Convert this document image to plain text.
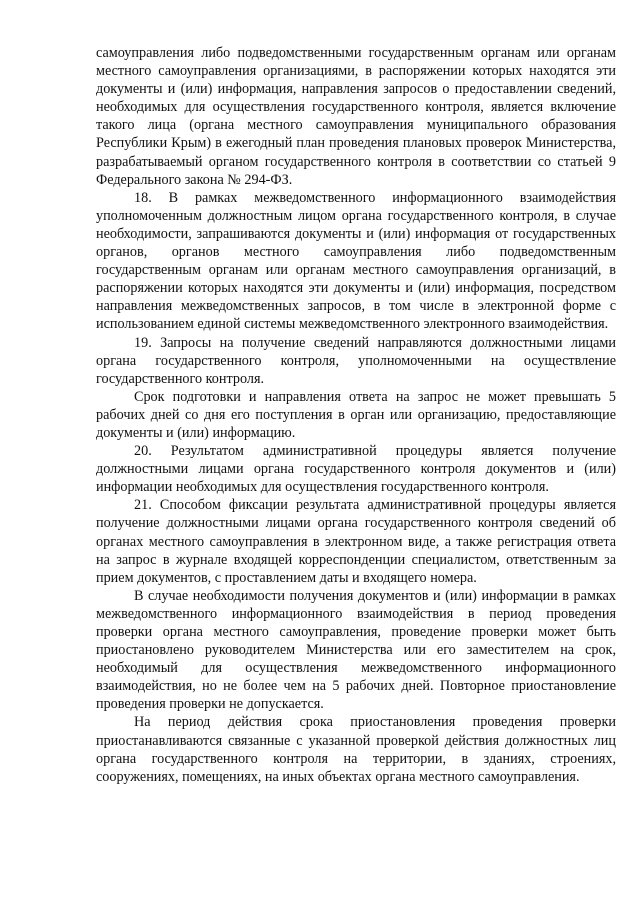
самоуправления либо подведомственными государственным органам или органам местного самоуправления организациями, в распоряжении которых находятся эти документы и (или) информация, направления запросов о предоставлении сведений, необходимых для осуществления государственного контроля, является включение такого лица (органа местного самоуправления муниципального образования Республики Крым) в ежегодный план проведения плановых проверок Министерства, разрабатываемый органом государственного контроля в соответствии со статьей 9 Федерального закона № 294-ФЗ.

18. В рамках межведомственного информационного взаимодействия уполномоченным должностным лицом органа государственного контроля, в случае необходимости, запрашиваются документы и (или) информация от государственных органов, органов местного самоуправления либо подведомственным государственным органам или органам местного самоуправления организаций, в распоряжении которых находятся эти документы и (или) информация, посредством направления межведомственных запросов, в том числе в электронной форме с использованием единой системы межведомственного электронного взаимодействия.

19. Запросы на получение сведений направляются должностными лицами органа государственного контроля, уполномоченными на осуществление государственного контроля.

Срок подготовки и направления ответа на запрос не может превышать 5 рабочих дней со дня его поступления в орган или организацию, предоставляющие документы и (или) информацию.

20. Результатом административной процедуры является получение должностными лицами органа государственного контроля документов и (или) информации необходимых для осуществления государственного контроля.

21. Способом фиксации результата административной процедуры является получение должностными лицами органа государственного контроля сведений об органах местного самоуправления в электронном виде, а также регистрация ответа на запрос в журнале входящей корреспонденции специалистом, ответственным за прием документов, с проставлением даты и входящего номера.

В случае необходимости получения документов и (или) информации в рамках межведомственного информационного взаимодействия в период проведения проверки органа местного самоуправления, проведение проверки может быть приостановлено руководителем Министерства или его заместителем на срок, необходимый для осуществления межведомственного информационного взаимодействия, но не более чем на 5 рабочих дней. Повторное приостановление проведения проверки не допускается.

На период действия срока приостановления проведения проверки приостанавливаются связанные с указанной проверкой действия должностных лиц органа государственного контроля на территории, в зданиях, строениях, сооружениях, помещениях, на иных объектах органа местного самоуправления.
